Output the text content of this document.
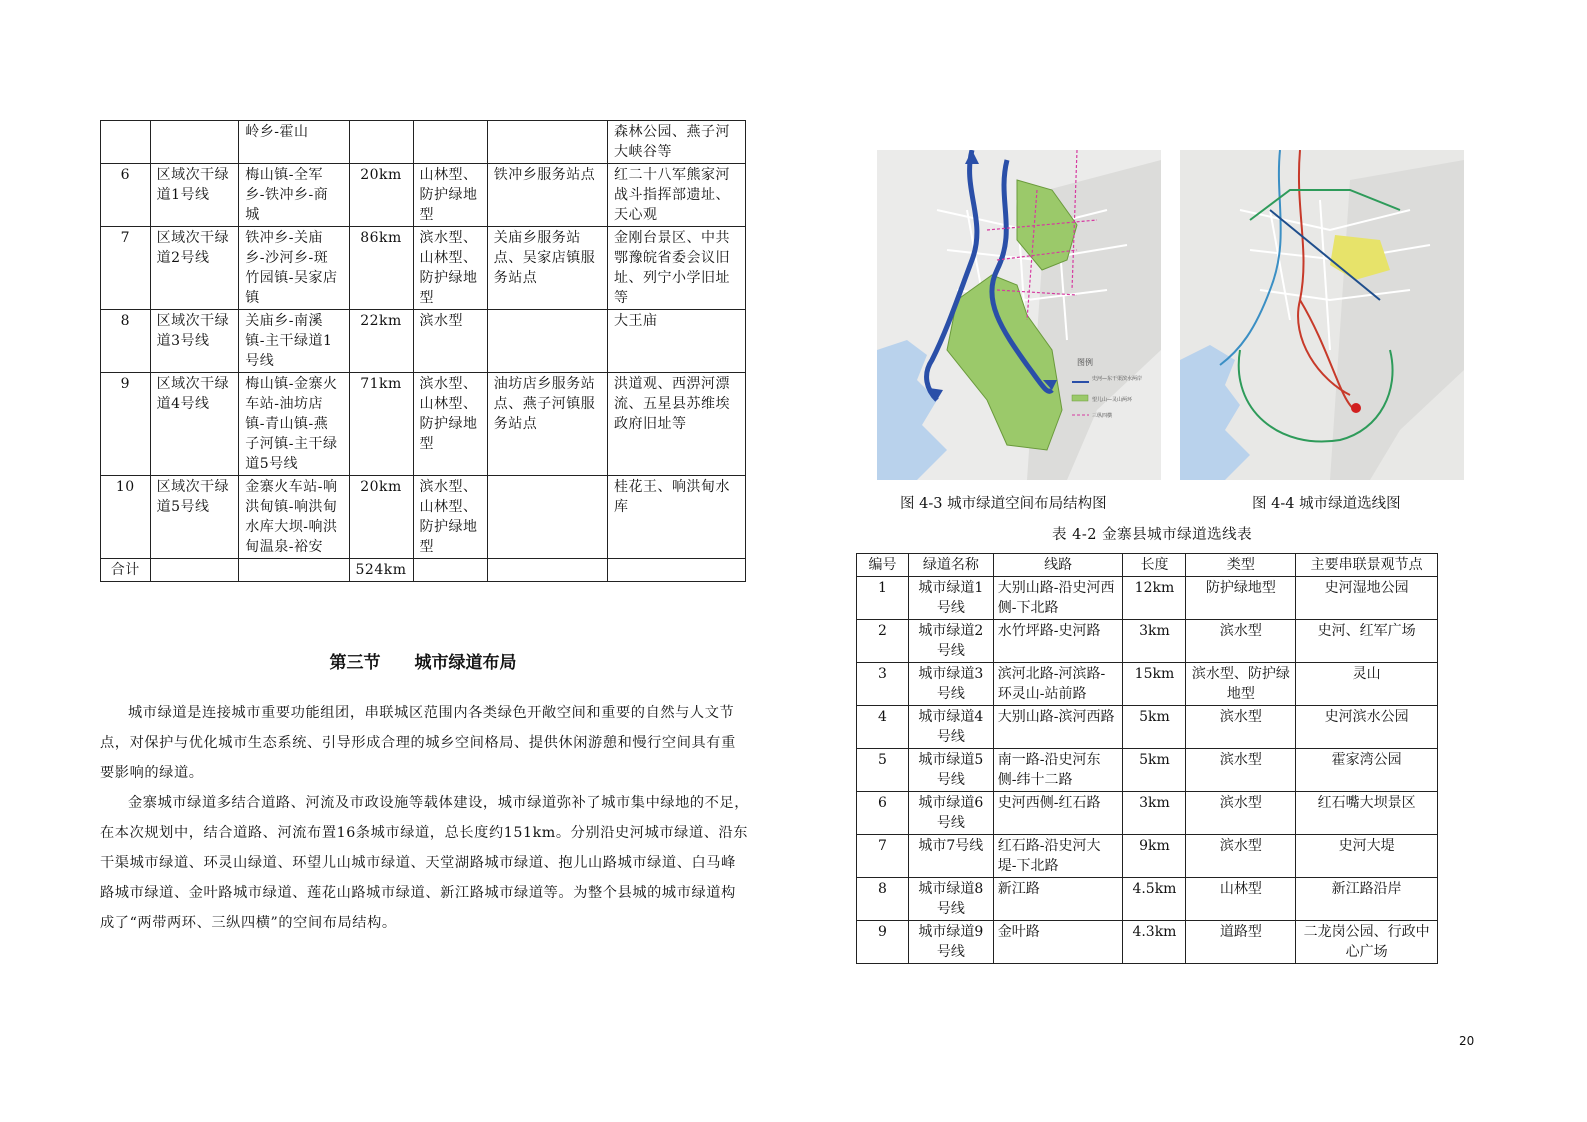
		岭乡-霍山				森林公园、燕子河大峡谷等
6	区域次干绿道1号线	梅山镇-全军乡-铁冲乡-商城	20km	山林型、防护绿地型	铁冲乡服务站点	红二十八军熊家河战斗指挥部遗址、天心观
7	区域次干绿道2号线	铁冲乡-关庙乡-沙河乡-斑竹园镇-吴家店镇	86km	滨水型、山林型、防护绿地型	关庙乡服务站点、吴家店镇服务站点	金刚台景区、中共鄂豫皖省委会议旧址、列宁小学旧址等
8	区域次干绿道3号线	关庙乡-南溪镇-主干绿道1号线	22km	滨水型		大王庙
9	区域次干绿道4号线	梅山镇-金寨火车站-油坊店镇-青山镇-燕子河镇-主干绿道5号线	71km	滨水型、山林型、防护绿地型	油坊店乡服务站点、燕子河镇服务站点	洪道观、西淠河漂流、五星县苏维埃政府旧址等
10	区域次干绿道5号线	金寨火车站-响洪甸镇-响洪甸水库大坝-响洪甸温泉-裕安	20km	滨水型、山林型、防护绿地型		桂花王、响洪甸水库
合计			524km			
第三节 城市绿道布局

城市绿道是连接城市重要功能组团，串联城区范围内各类绿色开敞空间和重要的自然与人文节点，对保护与优化城市生态系统、引导形成合理的城乡空间格局、提供休闲游憩和慢行空间具有重要影响的绿道。

金寨城市绿道多结合道路、河流及市政设施等载体建设，城市绿道弥补了城市集中绿地的不足，在本次规划中，结合道路、河流布置16条城市绿道，总长度约151km。分别沿史河城市绿道、沿东干渠城市绿道、环灵山绿道、环望儿山城市绿道、天堂湖路城市绿道、抱儿山路城市绿道、白马峰路城市绿道、金叶路城市绿道、莲花山路城市绿道、新江路城市绿道等。为整个县城的城市绿道构成了“两带两环、三纵四横”的空间布局结构。

图例
史河—东干渠滨水两岸
望儿山—灵山两环
三纵四横
图 4-3 城市绿道空间布局结构图	图 4-4 城市绿道选线图
表 4-2 金寨县城市绿道选线表
编号	绿道名称	线路	长度	类型	主要串联景观节点
1	城市绿道1号线	大别山路-沿史河西侧-下北路	12km	防护绿地型	史河湿地公园
2	城市绿道2号线	水竹坪路-史河路	3km	滨水型	史河、红军广场
3	城市绿道3号线	滨河北路-河滨路-环灵山-站前路	15km	滨水型、防护绿地型	灵山
4	城市绿道4号线	大别山路-滨河西路	5km	滨水型	史河滨水公园
5	城市绿道5号线	南一路-沿史河东侧-纬十二路	5km	滨水型	霍家湾公园
6	城市绿道6号线	史河西侧-红石路	3km	滨水型	红石嘴大坝景区
7	城市7号线	红石路-沿史河大堤-下北路	9km	滨水型	史河大堤
8	城市绿道8号线	新江路	4.5km	山林型	新江路沿岸
9	城市绿道9号线	金叶路	4.3km	道路型	二龙岗公园、行政中心广场
20
